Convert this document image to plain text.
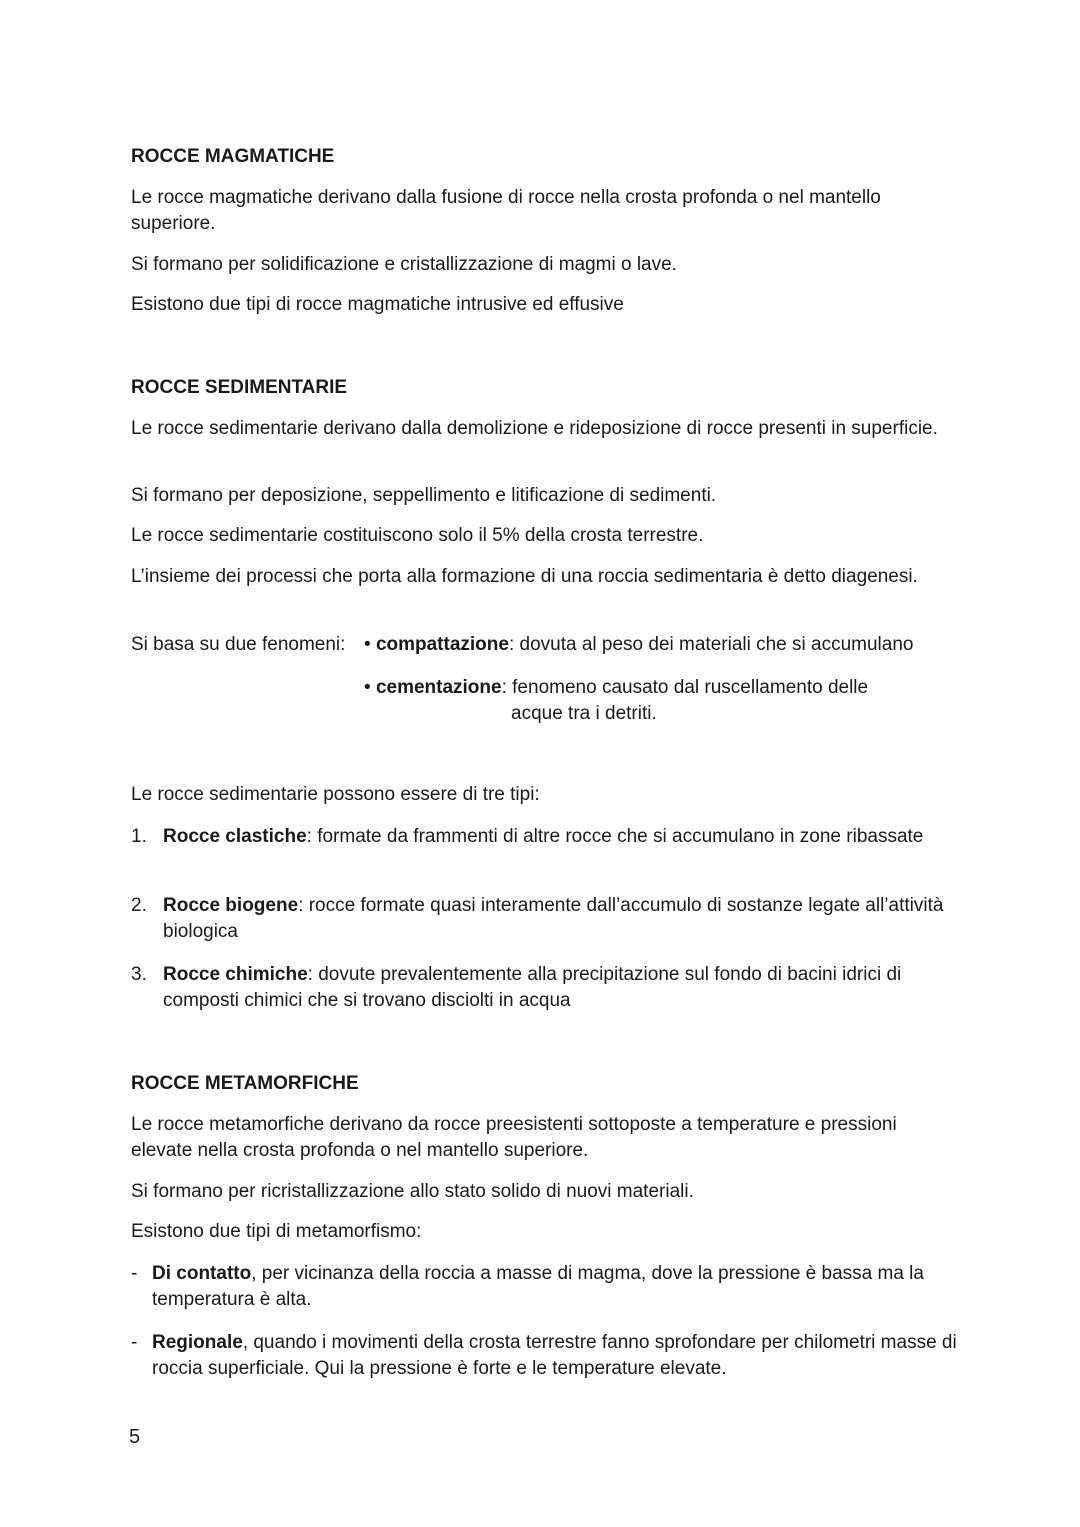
ROCCE MAGMATICHE

Le rocce magmatiche derivano dalla fusione di rocce nella crosta profonda o nel mantello superiore.

Si formano per solidificazione e cristallizzazione di magmi o lave.

Esistono due tipi di rocce magmatiche intrusive ed effusive

ROCCE SEDIMENTARIE

Le rocce sedimentarie derivano dalla demolizione e rideposizione di rocce presenti in superficie.

Si formano per deposizione, seppellimento e litificazione di sedimenti.

Le rocce sedimentarie costituiscono solo il 5% della crosta terrestre.

L’insieme dei processi che porta alla formazione di una roccia sedimentaria è detto diagenesi.

Si basa su due fenomeni: • compattazione: dovuta al peso dei materiali che si accumulano
• cementazione: fenomeno causato dal ruscellamento delle
acque tra i detriti.

Le rocce sedimentarie possono essere di tre tipi:

1. Rocce clastiche: formate da frammenti di altre rocce che si accumulano in zone ribassate
2. Rocce biogene: rocce formate quasi interamente dall’accumulo di sostanze legate all’attività biologica
3. Rocce chimiche: dovute prevalentemente alla precipitazione sul fondo di bacini idrici di composti chimici che si trovano disciolti in acqua
ROCCE METAMORFICHE

Le rocce metamorfiche derivano da rocce preesistenti sottoposte a temperature e pressioni elevate nella crosta profonda o nel mantello superiore.

Si formano per ricristallizzazione allo stato solido di nuovi materiali.

Esistono due tipi di metamorfismo:

- Di contatto, per vicinanza della roccia a masse di magma, dove la pressione è bassa ma la temperatura è alta.
- Regionale, quando i movimenti della crosta terrestre fanno sprofondare per chilometri masse di roccia superficiale. Qui la pressione è forte e le temperature elevate.
5
